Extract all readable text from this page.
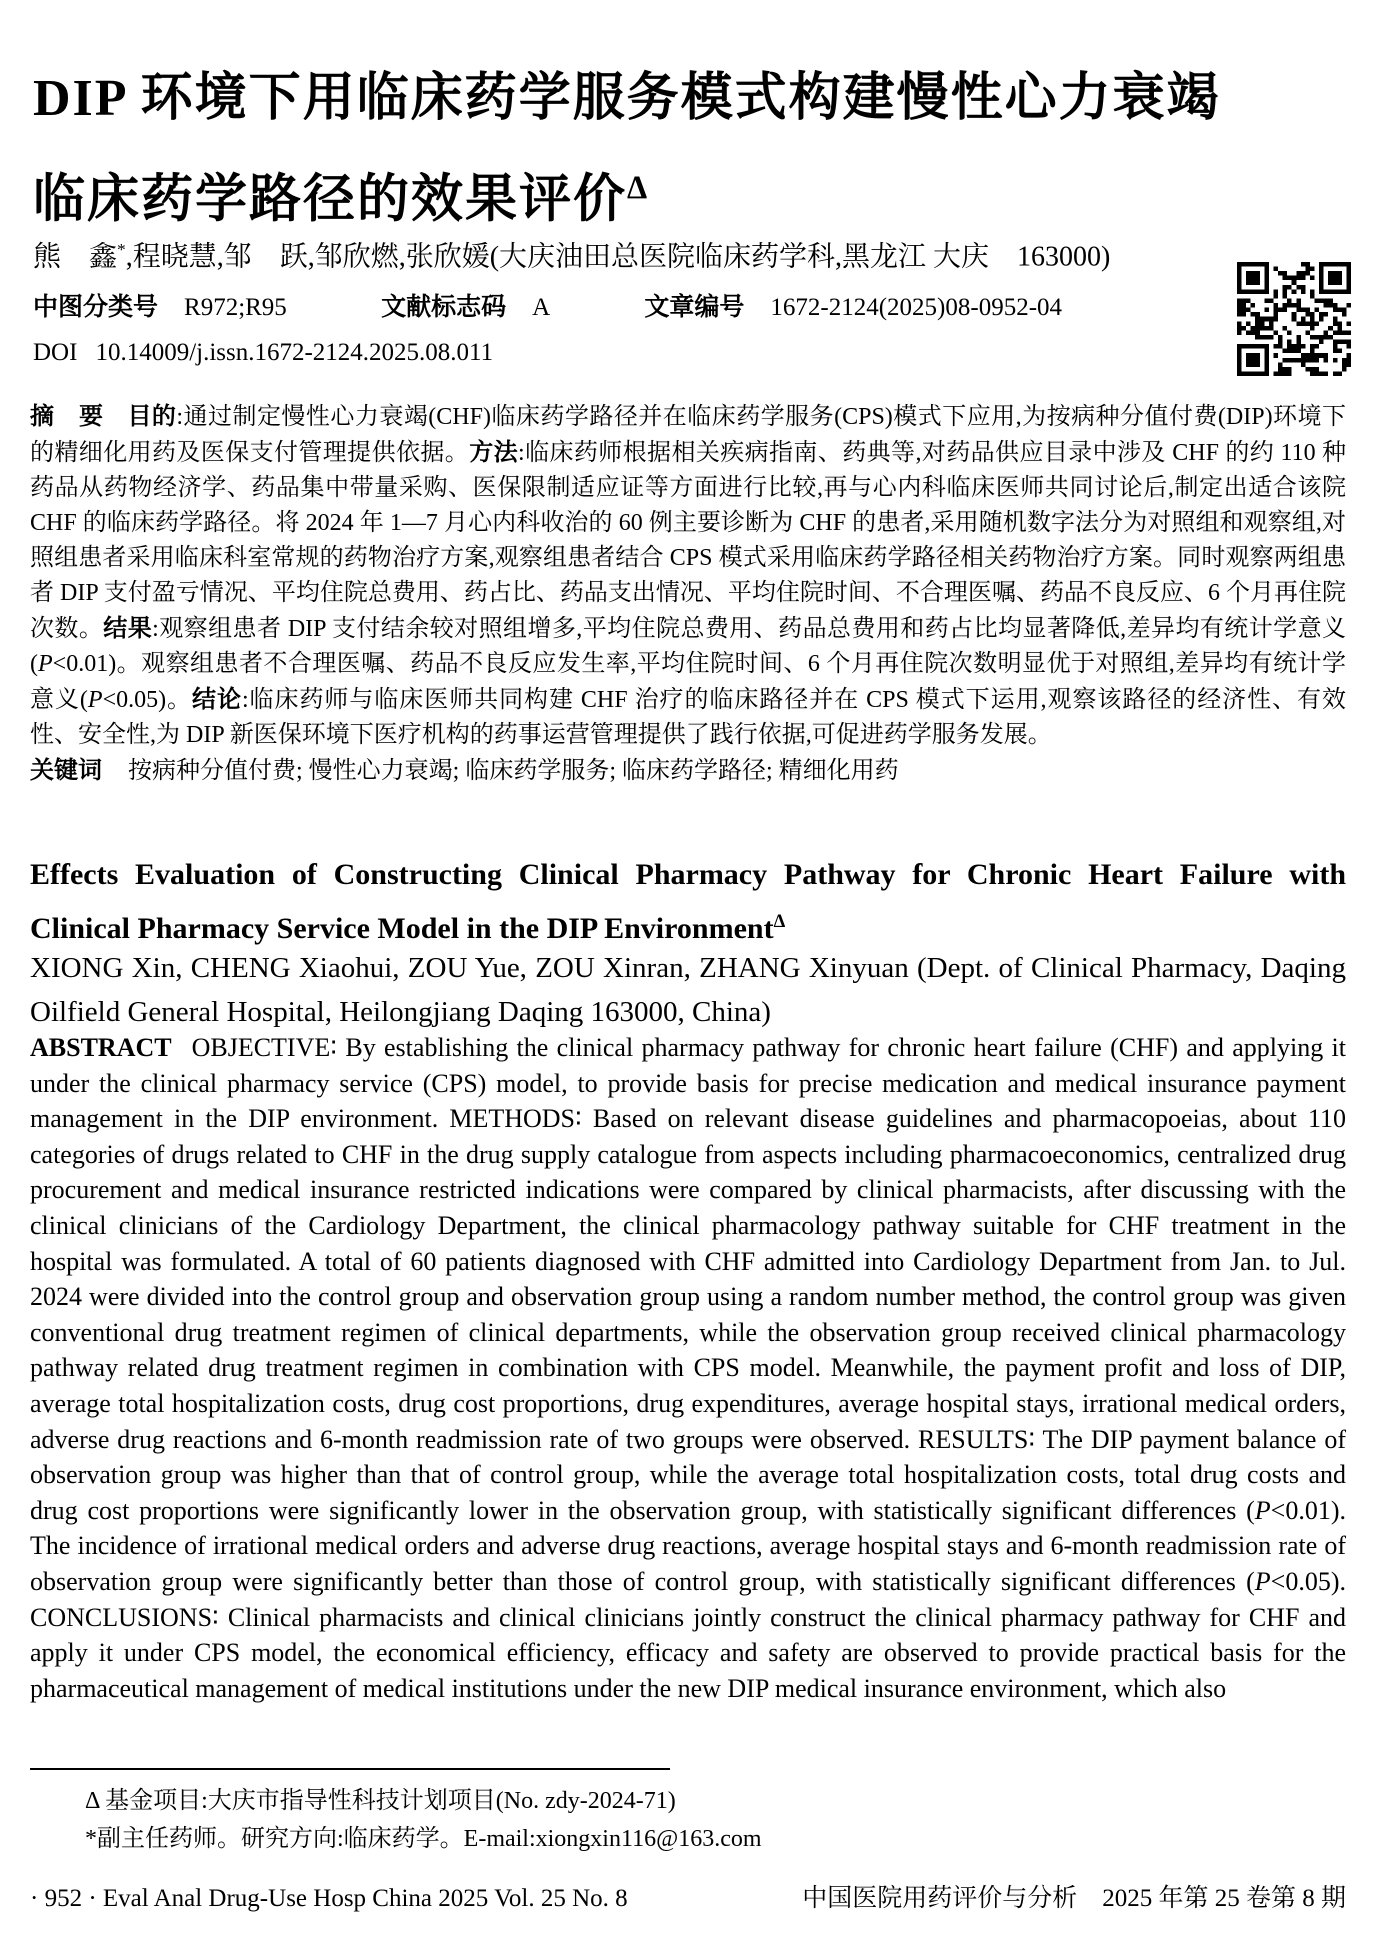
DIP 环境下用临床药学服务模式构建慢性心力衰竭
临床药学路径的效果评价$^\Delta$

熊　鑫*,程晓慧,邹　跃,邹欣燃,张欣媛(大庆油田总医院临床药学科,黑龙江 大庆　163000)

中图分类号 R972;R95	文献标志码 A	文章编号 1672-2124(2025)08-0952-04
DOI 10.14009/j.issn.1672-2124.2025.08.011
摘　要 目的:通过制定慢性心力衰竭(CHF)临床药学路径并在临床药学服务(CPS)模式下应用,为按病种分值付费(DIP)环境下的精细化用药及医保支付管理提供依据。方法:临床药师根据相关疾病指南、药典等,对药品供应目录中涉及 CHF 的约 110 种药品从药物经济学、药品集中带量采购、医保限制适应证等方面进行比较,再与心内科临床医师共同讨论后,制定出适合该院 CHF 的临床药学路径。将 2024 年 1—7 月心内科收治的 60 例主要诊断为 CHF 的患者,采用随机数字法分为对照组和观察组,对照组患者采用临床科室常规的药物治疗方案,观察组患者结合 CPS 模式采用临床药学路径相关药物治疗方案。同时观察两组患者 DIP 支付盈亏情况、平均住院总费用、药占比、药品支出情况、平均住院时间、不合理医嘱、药品不良反应、6 个月再住院次数。结果:观察组患者 DIP 支付结余较对照组增多,平均住院总费用、药品总费用和药占比均显著降低,差异均有统计学意义(P<0.01)。观察组患者不合理医嘱、药品不良反应发生率,平均住院时间、6 个月再住院次数明显优于对照组,差异均有统计学意义(P<0.05)。结论:临床药师与临床医师共同构建 CHF 治疗的临床路径并在 CPS 模式下运用,观察该路径的经济性、有效性、安全性,为 DIP 新医保环境下医疗机构的药事运营管理提供了践行依据,可促进药学服务发展。
关键词 按病种分值付费; 慢性心力衰竭; 临床药学服务; 临床药学路径; 精细化用药
Effects Evaluation of Constructing Clinical Pharmacy Pathway for Chronic Heart Failure with Clinical Pharmacy Service Model in the DIP Environment$^\Delta$

XIONG Xin, CHENG Xiaohui, ZOU Yue, ZOU Xinran, ZHANG Xinyuan (Dept. of Clinical Pharmacy, Daqing Oilfield General Hospital, Heilongjiang Daqing 163000, China)

ABSTRACT OBJECTIVE∶ By establishing the clinical pharmacy pathway for chronic heart failure (CHF) and applying it under the clinical pharmacy service (CPS) model, to provide basis for precise medication and medical insurance payment management in the DIP environment. METHODS∶ Based on relevant disease guidelines and pharmacopoeias, about 110 categories of drugs related to CHF in the drug supply catalogue from aspects including pharmacoeconomics, centralized drug procurement and medical insurance restricted indications were compared by clinical pharmacists, after discussing with the clinical clinicians of the Cardiology Department, the clinical pharmacology pathway suitable for CHF treatment in the hospital was formulated. A total of 60 patients diagnosed with CHF admitted into Cardiology Department from Jan. to Jul. 2024 were divided into the control group and observation group using a random number method, the control group was given conventional drug treatment regimen of clinical departments, while the observation group received clinical pharmacology pathway related drug treatment regimen in combination with CPS model. Meanwhile, the payment profit and loss of DIP, average total hospitalization costs, drug cost proportions, drug expenditures, average hospital stays, irrational medical orders, adverse drug reactions and 6-month readmission rate of two groups were observed. RESULTS∶ The DIP payment balance of observation group was higher than that of control group, while the average total hospitalization costs, total drug costs and drug cost proportions were significantly lower in the observation group, with statistically significant differences (P<0.01). The incidence of irrational medical orders and adverse drug reactions, average hospital stays and 6-month readmission rate of observation group were significantly better than those of control group, with statistically significant differences (P<0.05). CONCLUSIONS∶ Clinical pharmacists and clinical clinicians jointly construct the clinical pharmacy pathway for CHF and apply it under CPS model, the economical efficiency, efficacy and safety are observed to provide practical basis for the pharmaceutical management of medical institutions under the new DIP medical insurance environment, which also

Δ 基金项目:大庆市指导性科技计划项目(No. zdy-2024-71)

*副主任药师。研究方向:临床药学。E-mail:xiongxin116@163.com

· 952 · Eval Anal Drug-Use Hosp China 2025 Vol. 25 No. 8	中国医院用药评价与分析　2025 年第 25 卷第 8 期
